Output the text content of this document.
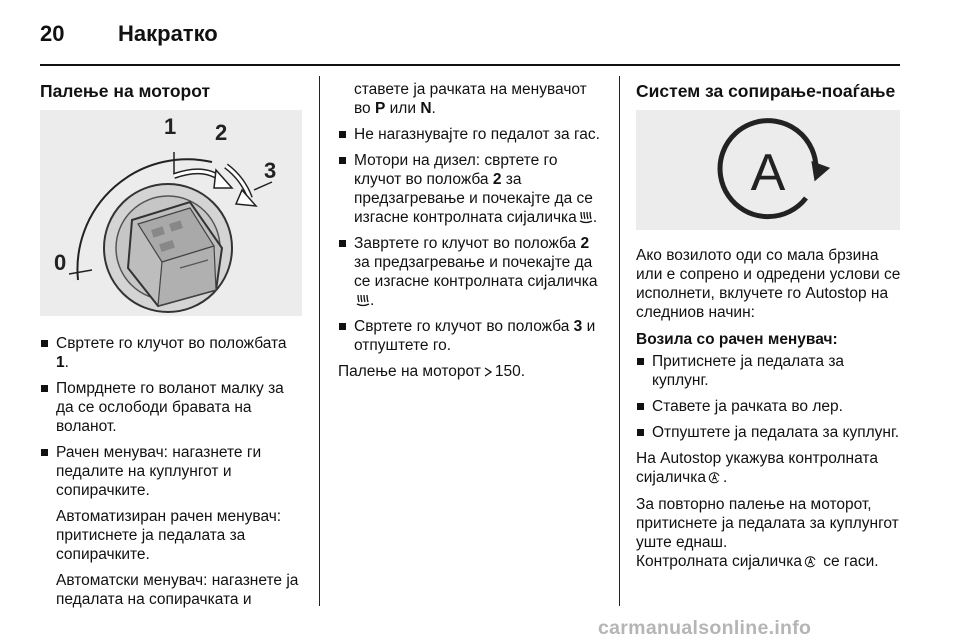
20	Накратко
Палење на моторот
0
1 2
3
Свртете го клучот во положбата 1.
Помрднете го воланот малку за да се ослободи бравата на воланот.
Рачен менувач: нагазнете ги педалите на куплунгот и сопирачките.

Автоматизиран рачен менувач: притиснете ја педалата за сопирачките.

Автоматски менувач: нагазнете ја педалата на сопирачката и

ставете ја рачката на менувачот во P или N.

Не нагазнувајте го педалот за гас.
Мотори на дизел: свртете го клучот во положба 2 за предзагревање и почекајте да се изгасне контролната сијаличка .
Завртете го клучот во положба 2 за предзагревање и почекајте да се изгасне контролната сијаличка.
Свртете го клучот во положба 3 и отпуштете го.

Палење на моторот 150.

Систем за сопирање-поаѓање
A

Ако возилото оди со мала брзина или е сопрено и одредени услови се исполнети, вклучете го Autostop на следниов начин:

Возила со рачен менувач:
Притиснете ја педалата за куплунг.
Ставете ја рачката во лер.
Отпуштете ја педалата за куплунг.

На Autostop укажува контролната сијаличка .

За повторно палење на моторот, притиснете ја педалата за куплунгот уште еднаш.

Контролната сијаличка се гаси.

carmanualsonline.info
